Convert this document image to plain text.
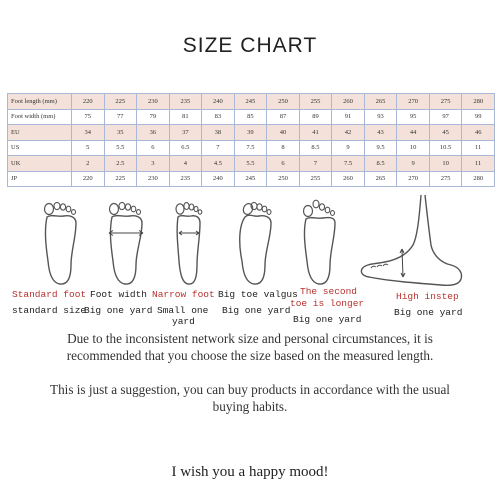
SIZE CHART
Foot length (mm)	220	225	230	235	240	245	250	255	260	265	270	275	280
Foot width (mm)	75	77	79	81	83	85	87	89	91	93	95	97	99
EU	34	35	36	37	38	39	40	41	42	43	44	45	46
US	5	5.5	6	6.5	7	7.5	8	8.5	9	9.5	10	10.5	11
UK	2	2.5	3	4	4.5	5.5	6	7	7.5	8.5	9	10	11
JP	220	225	230	235	240	245	250	255	260	265	270	275	280
Standard foot
standard size
Foot width
Big one yard
Narrow foot
Small one
yard
Big toe valgus
Big one yard
The second
toe is longer
Big one yard
High instep
Big one yard
Due to the inconsistent network size and personal circumstances, it is
recommended that you choose the size based on the measured length.
This is just a suggestion, you can buy products in accordance with the usual
buying habits.
I wish you a happy mood!
